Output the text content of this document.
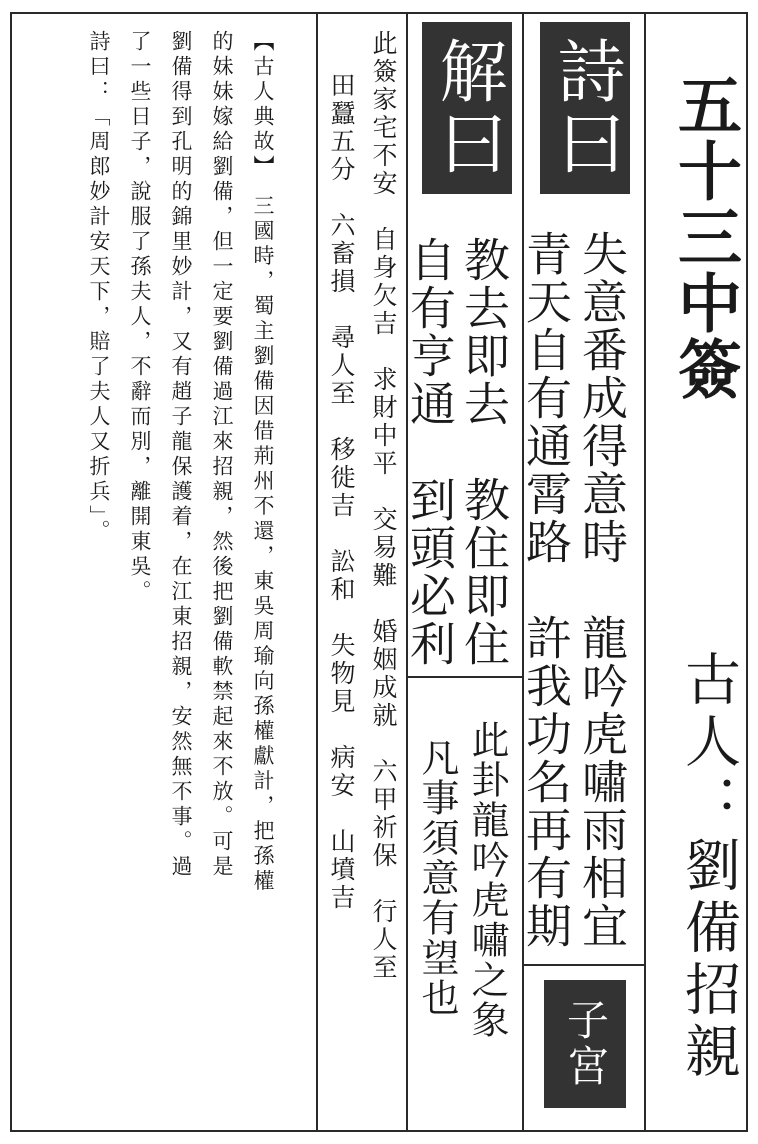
五十三中簽
古人：劉備招親
詩曰
失意番成得意時　龍吟虎嘯雨相宜
青天自有通霄路　許我功名再有期
子宮
解曰
教去即去　教住即住
自有亨通　到頭必利
此卦龍吟虎嘯之象
凡事須意有望也
此簽家宅不安　自身欠吉　求財中平　交易難　婚姻成就　六甲祈保　行人至
田蠶五分　六畜損　尋人至　移徙吉　訟和　失物見　病安　山墳吉
【古人典故】　三國時，蜀主劉備因借荊州不還，東吳周瑜向孫權獻計，把孫權
的妹妹嫁給劉備，但一定要劉備過江來招親，然後把劉備軟禁起來不放。可是
劉備得到孔明的錦里妙計，又有趙子龍保護着，在江東招親，安然無不事。過
了一些日子，說服了孫夫人，不辭而別，離開東吳。
詩曰：「周郎妙計安天下，賠了夫人又折兵」。
